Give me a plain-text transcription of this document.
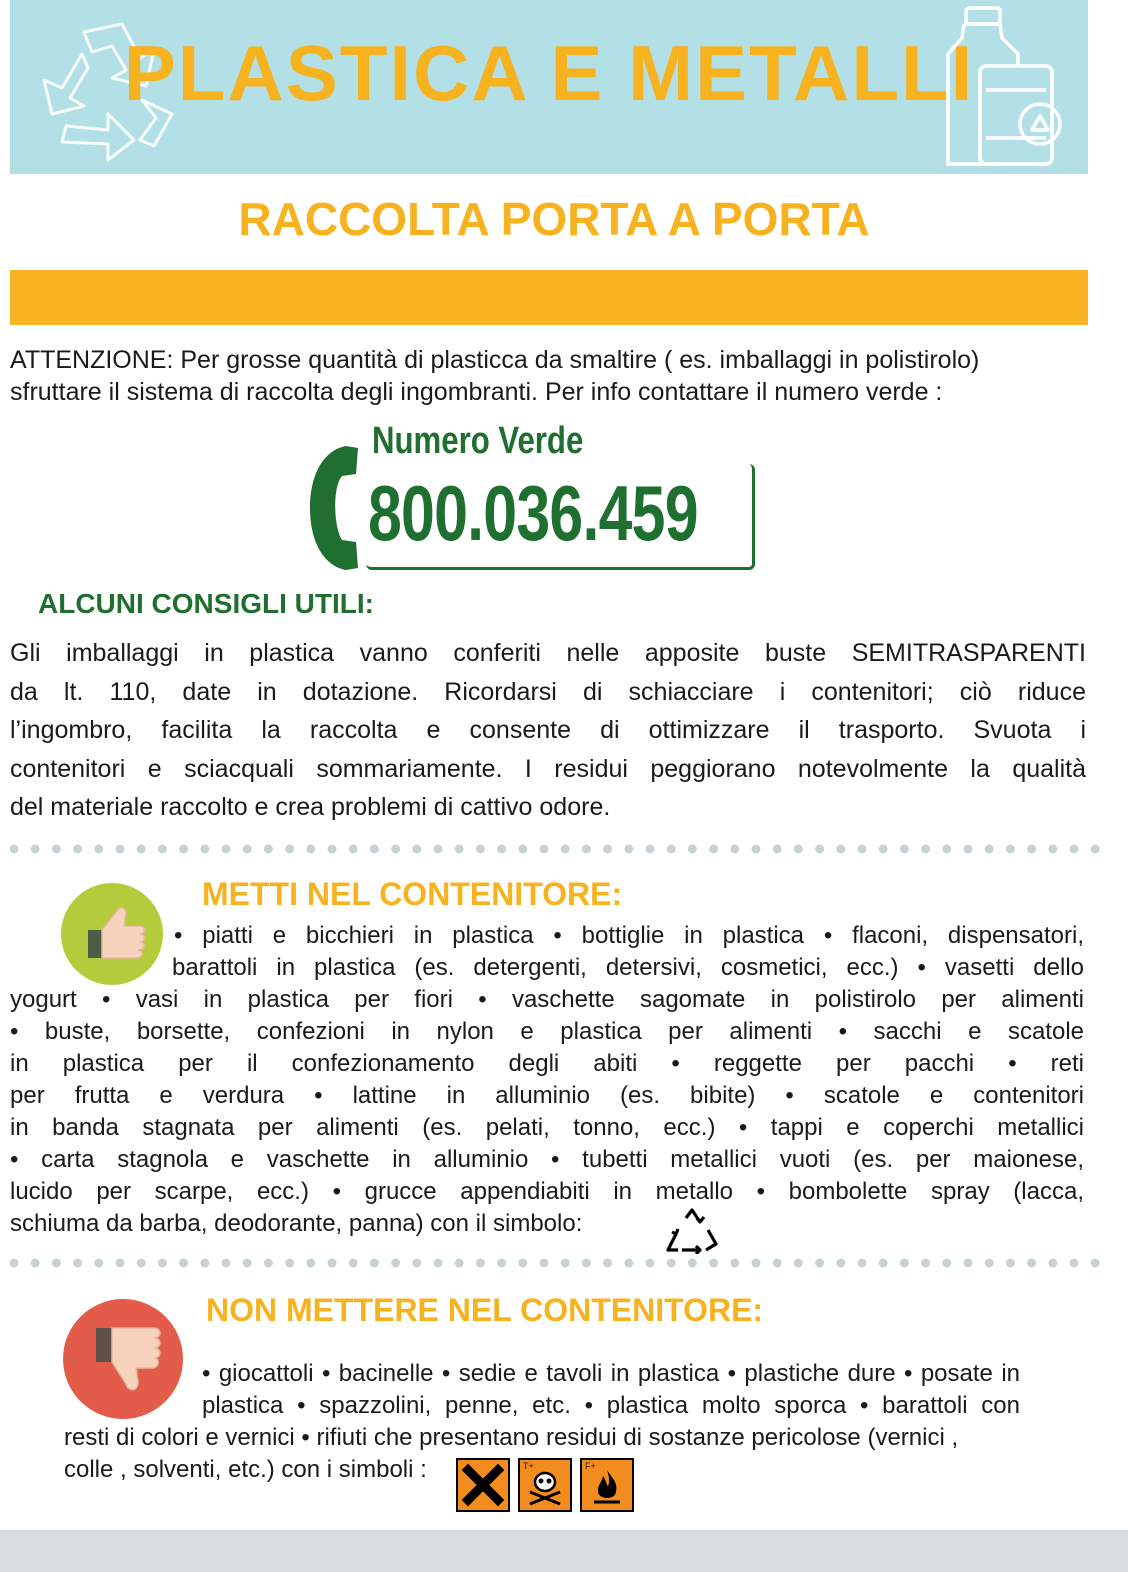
PLASTICA E METALLI
RACCOLTA PORTA A PORTA

ATTENZIONE: Per grosse quantità di plasticca da smaltire ( es. imballaggi in polistirolo)

sfruttare il sistema di raccolta degli ingombranti. Per info contattare il numero verde :

Numero Verde
800.036.459
ALCUNI CONSIGLI UTILI:
Gli imballaggi in plastica vanno conferiti nelle apposite buste SEMITRASPARENTI
da lt. 110, date in dotazione. Ricordarsi di schiacciare i contenitori; ciò riduce
l’ingombro, facilita la raccolta e consente di ottimizzare il trasporto. Svuota i
contenitori e sciacquali sommariamente. I residui peggiorano notevolmente la qualità
del materiale raccolto e crea problemi di cattivo odore.
METTI NEL CONTENITORE:
• piatti e bicchieri in plastica • bottiglie in plastica • flaconi, dispensatori,
barattoli in plastica (es. detergenti, detersivi, cosmetici, ecc.) • vasetti dello
yogurt • vasi in plastica per fiori • vaschette sagomate in polistirolo per alimenti
• buste, borsette, confezioni in nylon e plastica per alimenti • sacchi e scatole
in plastica per il confezionamento degli abiti • reggette per pacchi • reti
per frutta e verdura • lattine in alluminio (es. bibite) • scatole e contenitori
in banda stagnata per alimenti (es. pelati, tonno, ecc.) • tappi e coperchi metallici
• carta stagnola e vaschette in alluminio • tubetti metallici vuoti (es. per maionese,
lucido per scarpe, ecc.) • grucce appendiabiti in metallo • bombolette spray (lacca,
schiuma da barba, deodorante, panna) con il simbolo:
NON METTERE NEL CONTENITORE:
• giocattoli • bacinelle • sedie e tavoli in plastica • plastiche dure • posate in
plastica • spazzolini, penne, etc. • plastica molto sporca • barattoli con
resti di colori e vernici • rifiuti che presentano residui di sostanze pericolose (vernici ,
colle , solventi, etc.) con i simboli :	T+	F+
